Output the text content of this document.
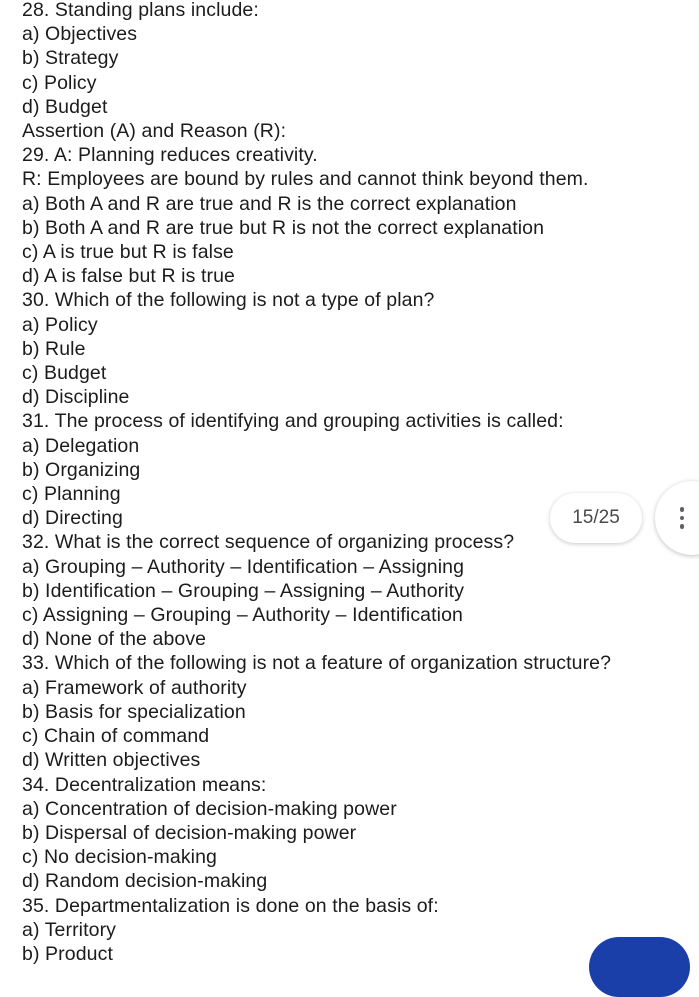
28. Standing plans include:
a) Objectives
b) Strategy
c) Policy
d) Budget
Assertion (A) and Reason (R):
29. A: Planning reduces creativity.
R: Employees are bound by rules and cannot think beyond them.
a) Both A and R are true and R is the correct explanation
b) Both A and R are true but R is not the correct explanation
c) A is true but R is false
d) A is false but R is true
30. Which of the following is not a type of plan?
a) Policy
b) Rule
c) Budget
d) Discipline
31. The process of identifying and grouping activities is called:
a) Delegation
b) Organizing
c) Planning
d) Directing
32. What is the correct sequence of organizing process?
a) Grouping – Authority – Identification – Assigning
b) Identification – Grouping – Assigning – Authority
c) Assigning – Grouping – Authority – Identification
d) None of the above
33. Which of the following is not a feature of organization structure?
a) Framework of authority
b) Basis for specialization
c) Chain of command
d) Written objectives
34. Decentralization means:
a) Concentration of decision-making power
b) Dispersal of decision-making power
c) No decision-making
d) Random decision-making
35. Departmentalization is done on the basis of:
a) Territory
b) Product
15/25
